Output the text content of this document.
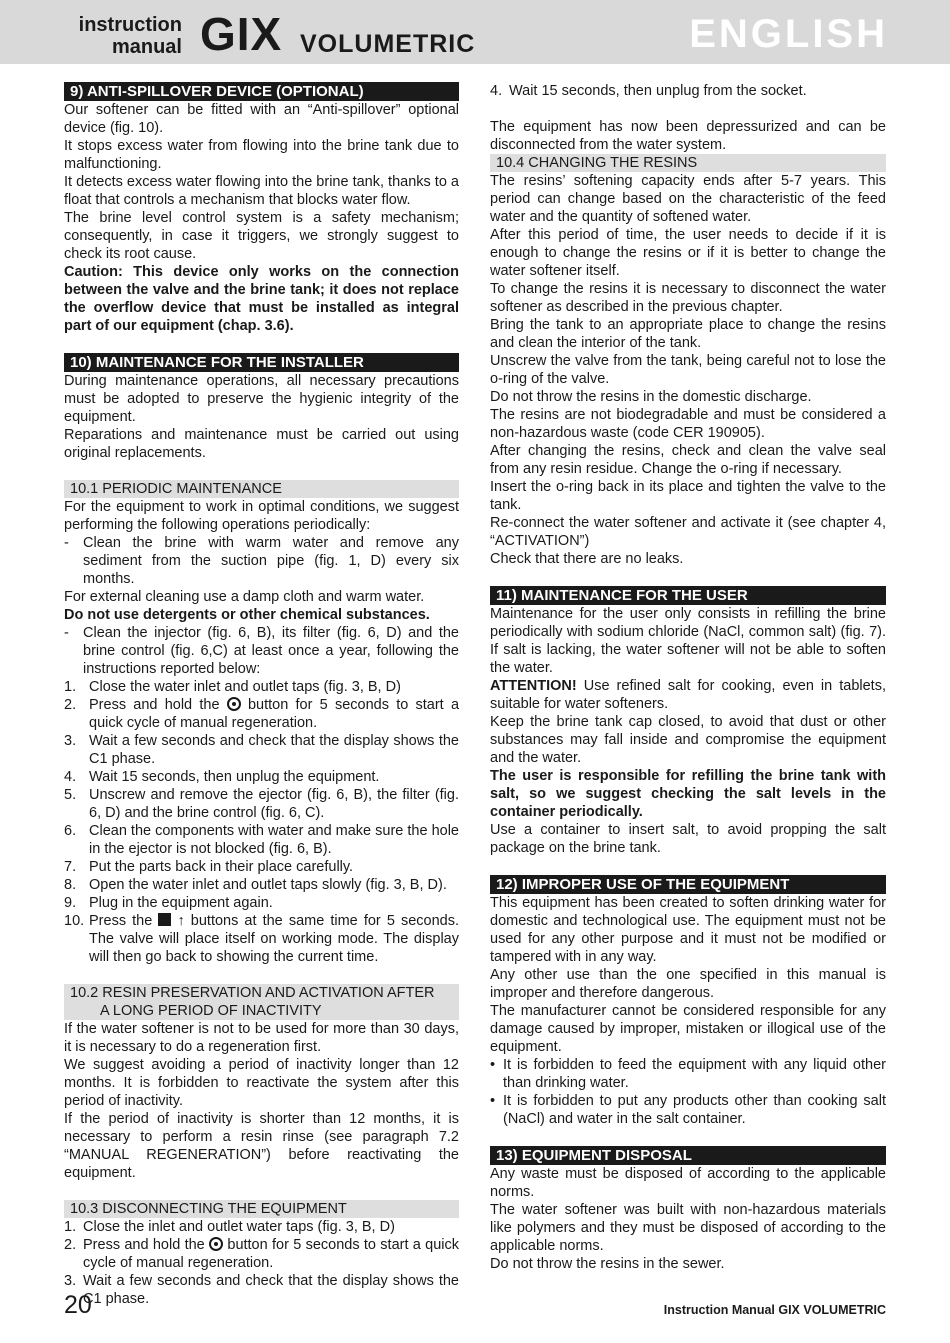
instruction
manual GIX VOLUMETRIC	ENGLISH
9) ANTI-SPILLOVER DEVICE (OPTIONAL)

Our softener can be fitted with an “Anti-spillover” optional device (fig. 10).

It stops excess water from flowing into the brine tank due to malfunctioning.

It detects excess water flowing into the brine tank, thanks to a float that controls a mechanism that blocks water flow.

The brine level control system is a safety mechanism; consequently, in case it triggers, we strongly suggest to check its root cause.

Caution: This device only works on the connection between the valve and the brine tank; it does not replace the overflow device that must be installed as integral part of our equipment (chap. 3.6).

10) MAINTENANCE FOR THE INSTALLER

During maintenance operations, all necessary precautions must be adopted to preserve the hygienic integrity of the equipment.

Reparations and maintenance must be carried out using original replacements.

10.1 PERIODIC MAINTENANCE

For the equipment to work in optimal conditions, we suggest performing the following operations periodically:

- Clean the brine with warm water and remove any sediment from the suction pipe (fig. 1, D) every six months.

For external cleaning use a damp cloth and warm water.

Do not use detergents or other chemical substances.

- Clean the injector (fig. 6, B), its filter (fig. 6, D) and the brine control (fig. 6,C) at least once a year, following the instructions reported below:
1. Close the water inlet and outlet taps (fig. 3, B, D)
2. Press and hold the button for 5 seconds to start a quick cycle of manual regeneration.
3. Wait a few seconds and check that the display shows the C1 phase.
4. Wait 15 seconds, then unplug the equipment.
5. Unscrew and remove the ejector (fig. 6, B), the filter (fig. 6, D) and the brine control (fig. 6, C).
6. Clean the components with water and make sure the hole in the ejector is not blocked (fig. 6, B).
7. Put the parts back in their place carefully.
8. Open the water inlet and outlet taps slowly (fig. 3, B, D).
9. Plug in the equipment again.
10. Press the ↑ buttons at the same time for 5 seconds. The valve will place itself on working mode. The display will then go back to showing the current time.
10.2 RESIN PRESERVATION AND ACTIVATION AFTER
A LONG PERIOD OF INACTIVITY

If the water softener is not to be used for more than 30 days, it is necessary to do a regeneration first.

We suggest avoiding a period of inactivity longer than 12 months. It is forbidden to reactivate the system after this period of inactivity.

If the period of inactivity is shorter than 12 months, it is necessary to perform a resin rinse (see paragraph 7.2 “MANUAL REGENERATION”) before reactivating the equipment.

10.3 DISCONNECTING THE EQUIPMENT
1. Close the inlet and outlet water taps (fig. 3, B, D)
2. Press and hold the button for 5 seconds to start a quick cycle of manual regeneration.
3. Wait a few seconds and check that the display shows the C1 phase.
4. Wait 15 seconds, then unplug from the socket.

The equipment has now been depressurized and can be disconnected from the water system.

10.4 CHANGING THE RESINS

The resins’ softening capacity ends after 5-7 years. This period can change based on the characteristic of the feed water and the quantity of softened water.

After this period of time, the user needs to decide if it is enough to change the resins or if it is better to change the water softener itself.

To change the resins it is necessary to disconnect the water softener as described in the previous chapter.

Bring the tank to an appropriate place to change the resins and clean the interior of the tank.

Unscrew the valve from the tank, being careful not to lose the o-ring of the valve.

Do not throw the resins in the domestic discharge.

The resins are not biodegradable and must be considered a non-hazardous waste (code CER 190905).

After changing the resins, check and clean the valve seal from any resin residue. Change the o-ring if necessary.

Insert the o-ring back in its place and tighten the valve to the tank.

Re-connect the water softener and activate it (see chapter 4, “ACTIVATION”)

Check that there are no leaks.

11) MAINTENANCE FOR THE USER

Maintenance for the user only consists in refilling the brine periodically with sodium chloride (NaCl, common salt) (fig. 7). If salt is lacking, the water softener will not be able to soften the water.

ATTENTION! Use refined salt for cooking, even in tablets, suitable for water softeners.

Keep the brine tank cap closed, to avoid that dust or other substances may fall inside and compromise the equipment and the water.

The user is responsible for refilling the brine tank with salt, so we suggest checking the salt levels in the container periodically.

Use a container to insert salt, to avoid propping the salt package on the brine tank.

12) IMPROPER USE OF THE EQUIPMENT

This equipment has been created to soften drinking water for domestic and technological use. The equipment must not be used for any other purpose and it must not be modified or tampered with in any way.

Any other use than the one specified in this manual is improper and therefore dangerous.

The manufacturer cannot be considered responsible for any damage caused by improper, mistaken or illogical use of the equipment.

• It is forbidden to feed the equipment with any liquid other than drinking water.
• It is forbidden to put any products other than cooking salt (NaCl) and water in the salt container.
13) EQUIPMENT DISPOSAL

Any waste must be disposed of according to the applicable norms.

The water softener was built with non-hazardous materials like polymers and they must be disposed of according to the applicable norms.

Do not throw the resins in the sewer.

20	Instruction Manual GIX VOLUMETRIC
